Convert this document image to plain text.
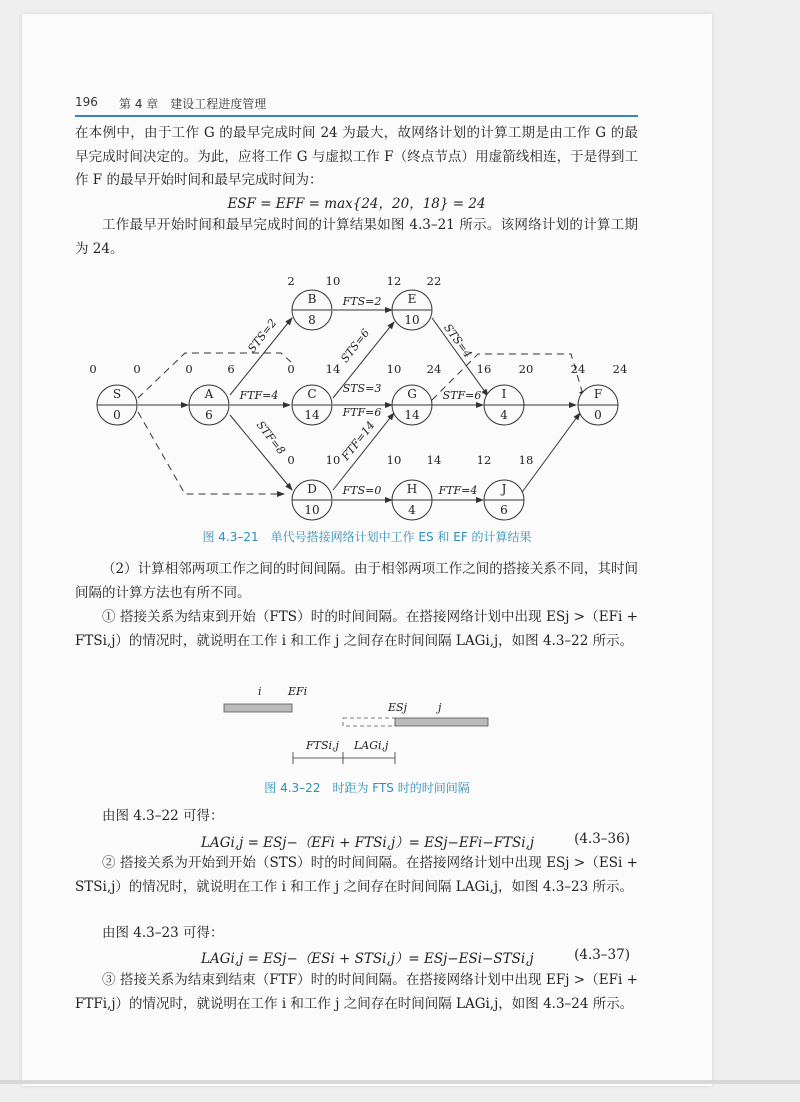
196 第 4 章　建设工程进度管理

在本例中，由于工作 G 的最早完成时间 24 为最大，故网络计划的计算工期是由工作 G 的最早完成时间决定的。为此，应将工作 G 与虚拟工作 F（终点节点）用虚箭线相连，于是得到工作 F 的最早开始时间和最早完成时间为：

ESF = EFF = max{24，20，18} = 24

工作最早开始时间和最早完成时间的计算结果如图 4.3–21 所示。该网络计划的计算工期为 24。

S
0
A
6
B
8
C
14
D
10
E
10
G
14
H
4
I
4
J
6
F
0
0	0	0	6
2	10
0	14
0	10
12 22
10 24
10 14
16 20
12 18
24 24
FTS=2
FTF=4
STS=3
FTF=6
FTS=0	FTF=4
STF=6
STS=2
STF=8
STS=6
FTF=14
STS=4
图 4.3–21　单代号搭接网络计划中工作 ES 和 EF 的计算结果

（2）计算相邻两项工作之间的时间间隔。由于相邻两项工作之间的搭接关系不同，其时间间隔的计算方法也有所不同。

① 搭接关系为结束到开始（FTS）时的时间间隔。在搭接网络计划中出现 ESj >（EFi + FTSi,j）的情况时，就说明在工作 i 和工作 j 之间存在时间间隔 LAGi,j，如图 4.3–22 所示。

i EFi
ESj	j
FTSi,j LAGi,j
图 4.3–22　时距为 FTS 时的时间间隔

由图 4.3–22 可得：

LAGi,j = ESj−（EFi + FTSi,j）= ESj−EFi−FTSi,j	(4.3–36)

② 搭接关系为开始到开始（STS）时的时间间隔。在搭接网络计划中出现 ESj >（ESi + STSi,j）的情况时，就说明在工作 i 和工作 j 之间存在时间间隔 LAGi,j，如图 4.3–23 所示。

由图 4.3–23 可得：

LAGi,j = ESj−（ESi + STSi,j）= ESj−ESi−STSi,j	(4.3–37)

③ 搭接关系为结束到结束（FTF）时的时间间隔。在搭接网络计划中出现 EFj >（EFi + FTFi,j）的情况时，就说明在工作 i 和工作 j 之间存在时间间隔 LAGi,j，如图 4.3–24 所示。
